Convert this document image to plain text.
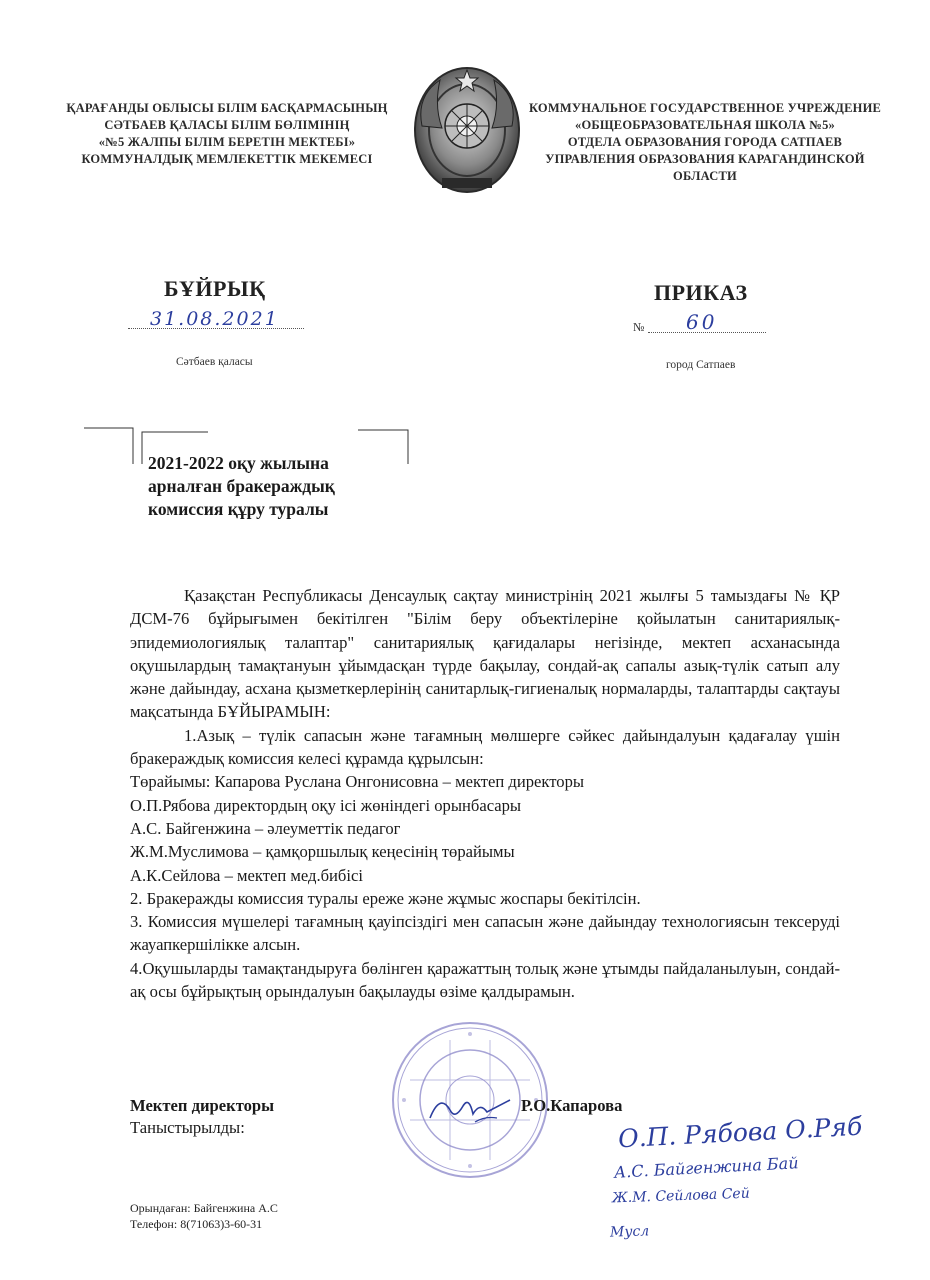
ҚАРАҒАНДЫ ОБЛЫСЫ БІЛІМ БАСҚАРМАСЫНЫҢ
СӘТБАЕВ ҚАЛАСЫ БІЛІМ БӨЛІМІНІҢ
«№5 ЖАЛПЫ БІЛІМ БЕРЕТІН МЕКТЕБІ»
КОММУНАЛДЫҚ МЕМЛЕКЕТТІК МЕКЕМЕСІ
КОММУНАЛЬНОЕ ГОСУДАРСТВЕННОЕ УЧРЕЖДЕНИЕ
«ОБЩЕОБРАЗОВАТЕЛЬНАЯ ШКОЛА №5»
ОТДЕЛА ОБРАЗОВАНИЯ ГОРОДА САТПАЕВ
УПРАВЛЕНИЯ ОБРАЗОВАНИЯ КАРАГАНДИНСКОЙ
ОБЛАСТИ
БҰЙРЫҚ	ПРИКАЗ
31.08.2021	№ 60
Сәтбаев қаласы	город Сатпаев
2021-2022 оқу жылына
арналған бракераждық
комиссия құру туралы

Қазақстан Республикасы Денсаулық сақтау министрінің 2021 жылғы 5 тамыздағы № ҚР ДСМ-76 бұйрығымен бекітілген "Білім беру объектілеріне қойылатын санитариялық-эпидемиологиялық талаптар" санитариялық қағидалары негізінде, мектеп асханасында оқушылардың тамақтануын ұйымдасқан түрде бақылау, сондай-ақ сапалы азық-түлік сатып алу және дайындау, асхана қызметкерлерінің санитарлық-гигиеналық нормаларды, талаптарды сақтауы мақсатында БҰЙЫРАМЫН:

1.Азық – түлік сапасын және тағамның мөлшерге сәйкес дайындалуын қадағалау үшін бракераждық комиссия келесі құрамда құрылсын:

Төрайымы: Капарова Руслана Онгонисовна – мектеп директоры

О.П.Рябова директордың оқу ісі жөніндегі орынбасары

А.С. Байгенжина – әлеуметтік педагог

Ж.М.Муслимова – қамқоршылық кеңесінің төрайымы

А.К.Сейлова – мектеп мед.бибісі

2. Бракеражды комиссия туралы ереже және жұмыс жоспары бекітілсін.

3. Комиссия мүшелері тағамның қауіпсіздігі мен сапасын және дайындау технологиясын тексеруді жауапкершілікке алсын.

4.Оқушыларды тамақтандыруға бөлінген қаражаттың толық және ұтымды пайдаланылуын, сондай-ақ осы бұйрықтың орындалуын бақылауды өзіме қалдырамын.

Мектеп директоры	Р.О.Капарова
Таныстырылды:	О.П. Рябова О.Ряб
А.С. Байгенжина Бай
Ж.М. Сейлова Сей
Мусл
Орындаған: Байгенжина А.С
Телефон: 8(71063)3-60-31
